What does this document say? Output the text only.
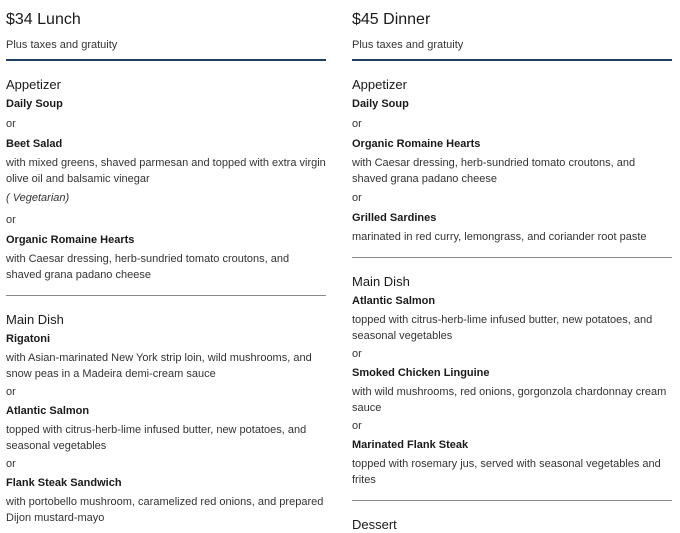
$34 Lunch
Plus taxes and gratuity
Appetizer
Daily Soup
or
Beet Salad
with mixed greens, shaved parmesan and topped with extra virgin olive oil and balsamic vinegar
( Vegetarian)
or
Organic Romaine Hearts
with Caesar dressing, herb-sundried tomato croutons, and shaved grana padano cheese
Main Dish
Rigatoni
with Asian-marinated New York strip loin, wild mushrooms, and snow peas in a Madeira demi-cream sauce
or
Atlantic Salmon
topped with citrus-herb-lime infused butter, new potatoes, and seasonal vegetables
or
Flank Steak Sandwich
with portobello mushroom, caramelized red onions, and prepared Dijon mustard-mayo
$45 Dinner
Plus taxes and gratuity
Appetizer
Daily Soup
or
Organic Romaine Hearts
with Caesar dressing, herb-sundried tomato croutons, and shaved grana padano cheese
or
Grilled Sardines
marinated in red curry, lemongrass, and coriander root paste
Main Dish
Atlantic Salmon
topped with citrus-herb-lime infused butter, new potatoes, and seasonal vegetables
or
Smoked Chicken Linguine
with wild mushrooms, red onions, gorgonzola chardonnay cream sauce
or
Marinated Flank Steak
topped with rosemary jus, served with seasonal vegetables and frites
Dessert
